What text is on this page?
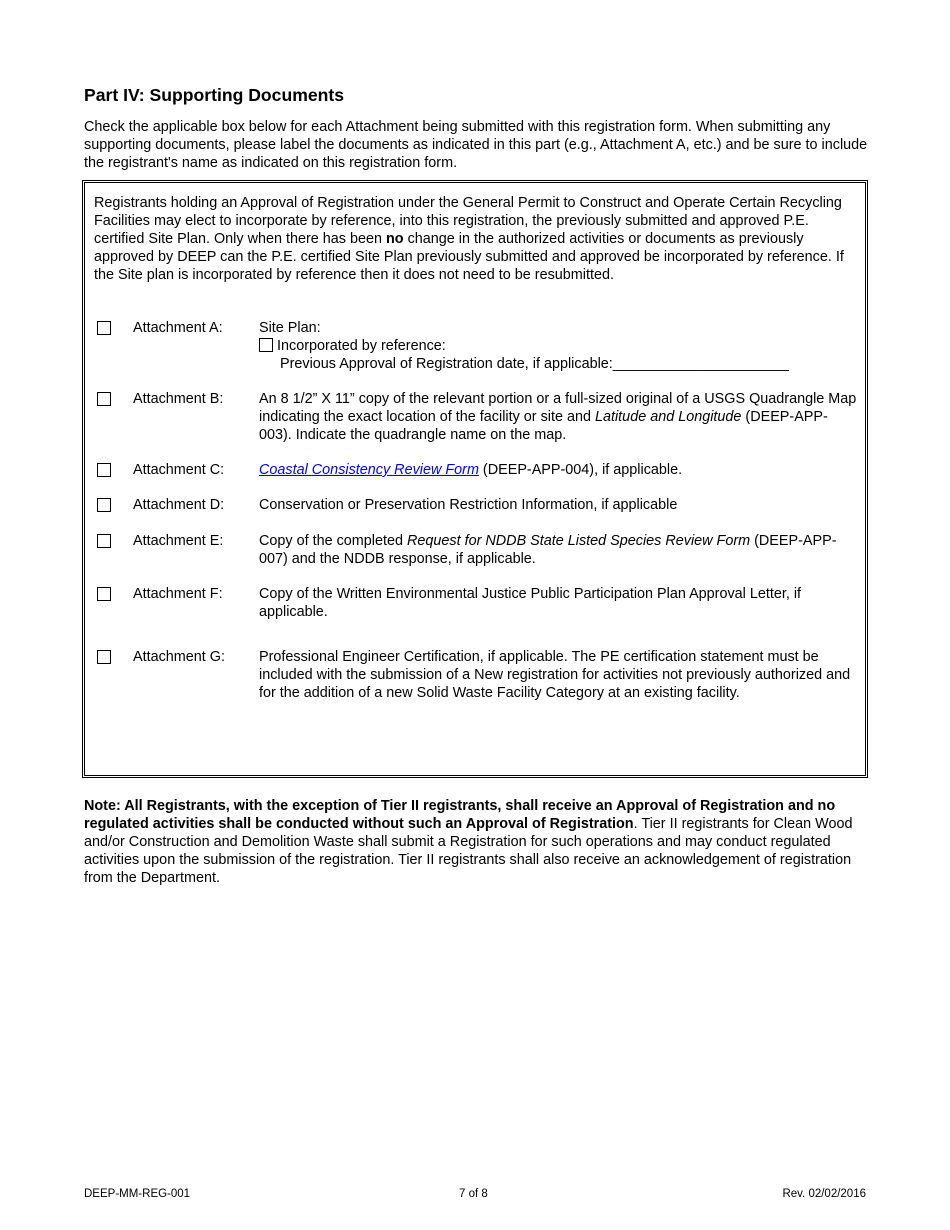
Part IV: Supporting Documents

Check the applicable box below for each Attachment being submitted with this registration form. When submitting any supporting documents, please label the documents as indicated in this part (e.g., Attachment A, etc.) and be sure to include the registrant's name as indicated on this registration form.

Registrants holding an Approval of Registration under the General Permit to Construct and Operate Certain Recycling Facilities may elect to incorporate by reference, into this registration, the previously submitted and approved P.E. certified Site Plan. Only when there has been no change in the authorized activities or documents as previously approved by DEEP can the P.E. certified Site Plan previously submitted and approved be incorporated by reference. If the Site plan is incorporated by reference then it does not need to be resubmitted.

Attachment A:	Site Plan:
Incorporated by reference:
Previous Approval of Registration date, if applicable:______________________
Attachment B: An 8 1/2” X 11” copy of the relevant portion or a full-sized original of a USGS Quadrangle Map indicating the exact location of the facility or site and Latitude and Longitude (DEEP-APP-003). Indicate the quadrangle name on the map.
Attachment C: Coastal Consistency Review Form (DEEP-APP-004), if applicable.
Attachment D: Conservation or Preservation Restriction Information, if applicable
Attachment E: Copy of the completed Request for NDDB State Listed Species Review Form (DEEP-APP-007) and the NDDB response, if applicable.
Attachment F:	Copy of the Written Environmental Justice Public Participation Plan Approval Letter, if applicable.
Attachment G: Professional Engineer Certification, if applicable. The PE certification statement must be included with the submission of a New registration for activities not previously authorized and for the addition of a new Solid Waste Facility Category at an existing facility.

Note: All Registrants, with the exception of Tier II registrants, shall receive an Approval of Registration and no regulated activities shall be conducted without such an Approval of Registration. Tier II registrants for Clean Wood and/or Construction and Demolition Waste shall submit a Registration for such operations and may conduct regulated activities upon the submission of the registration. Tier II registrants shall also receive an acknowledgement of registration from the Department.

DEEP-MM-REG-001	7 of 8	Rev. 02/02/2016
